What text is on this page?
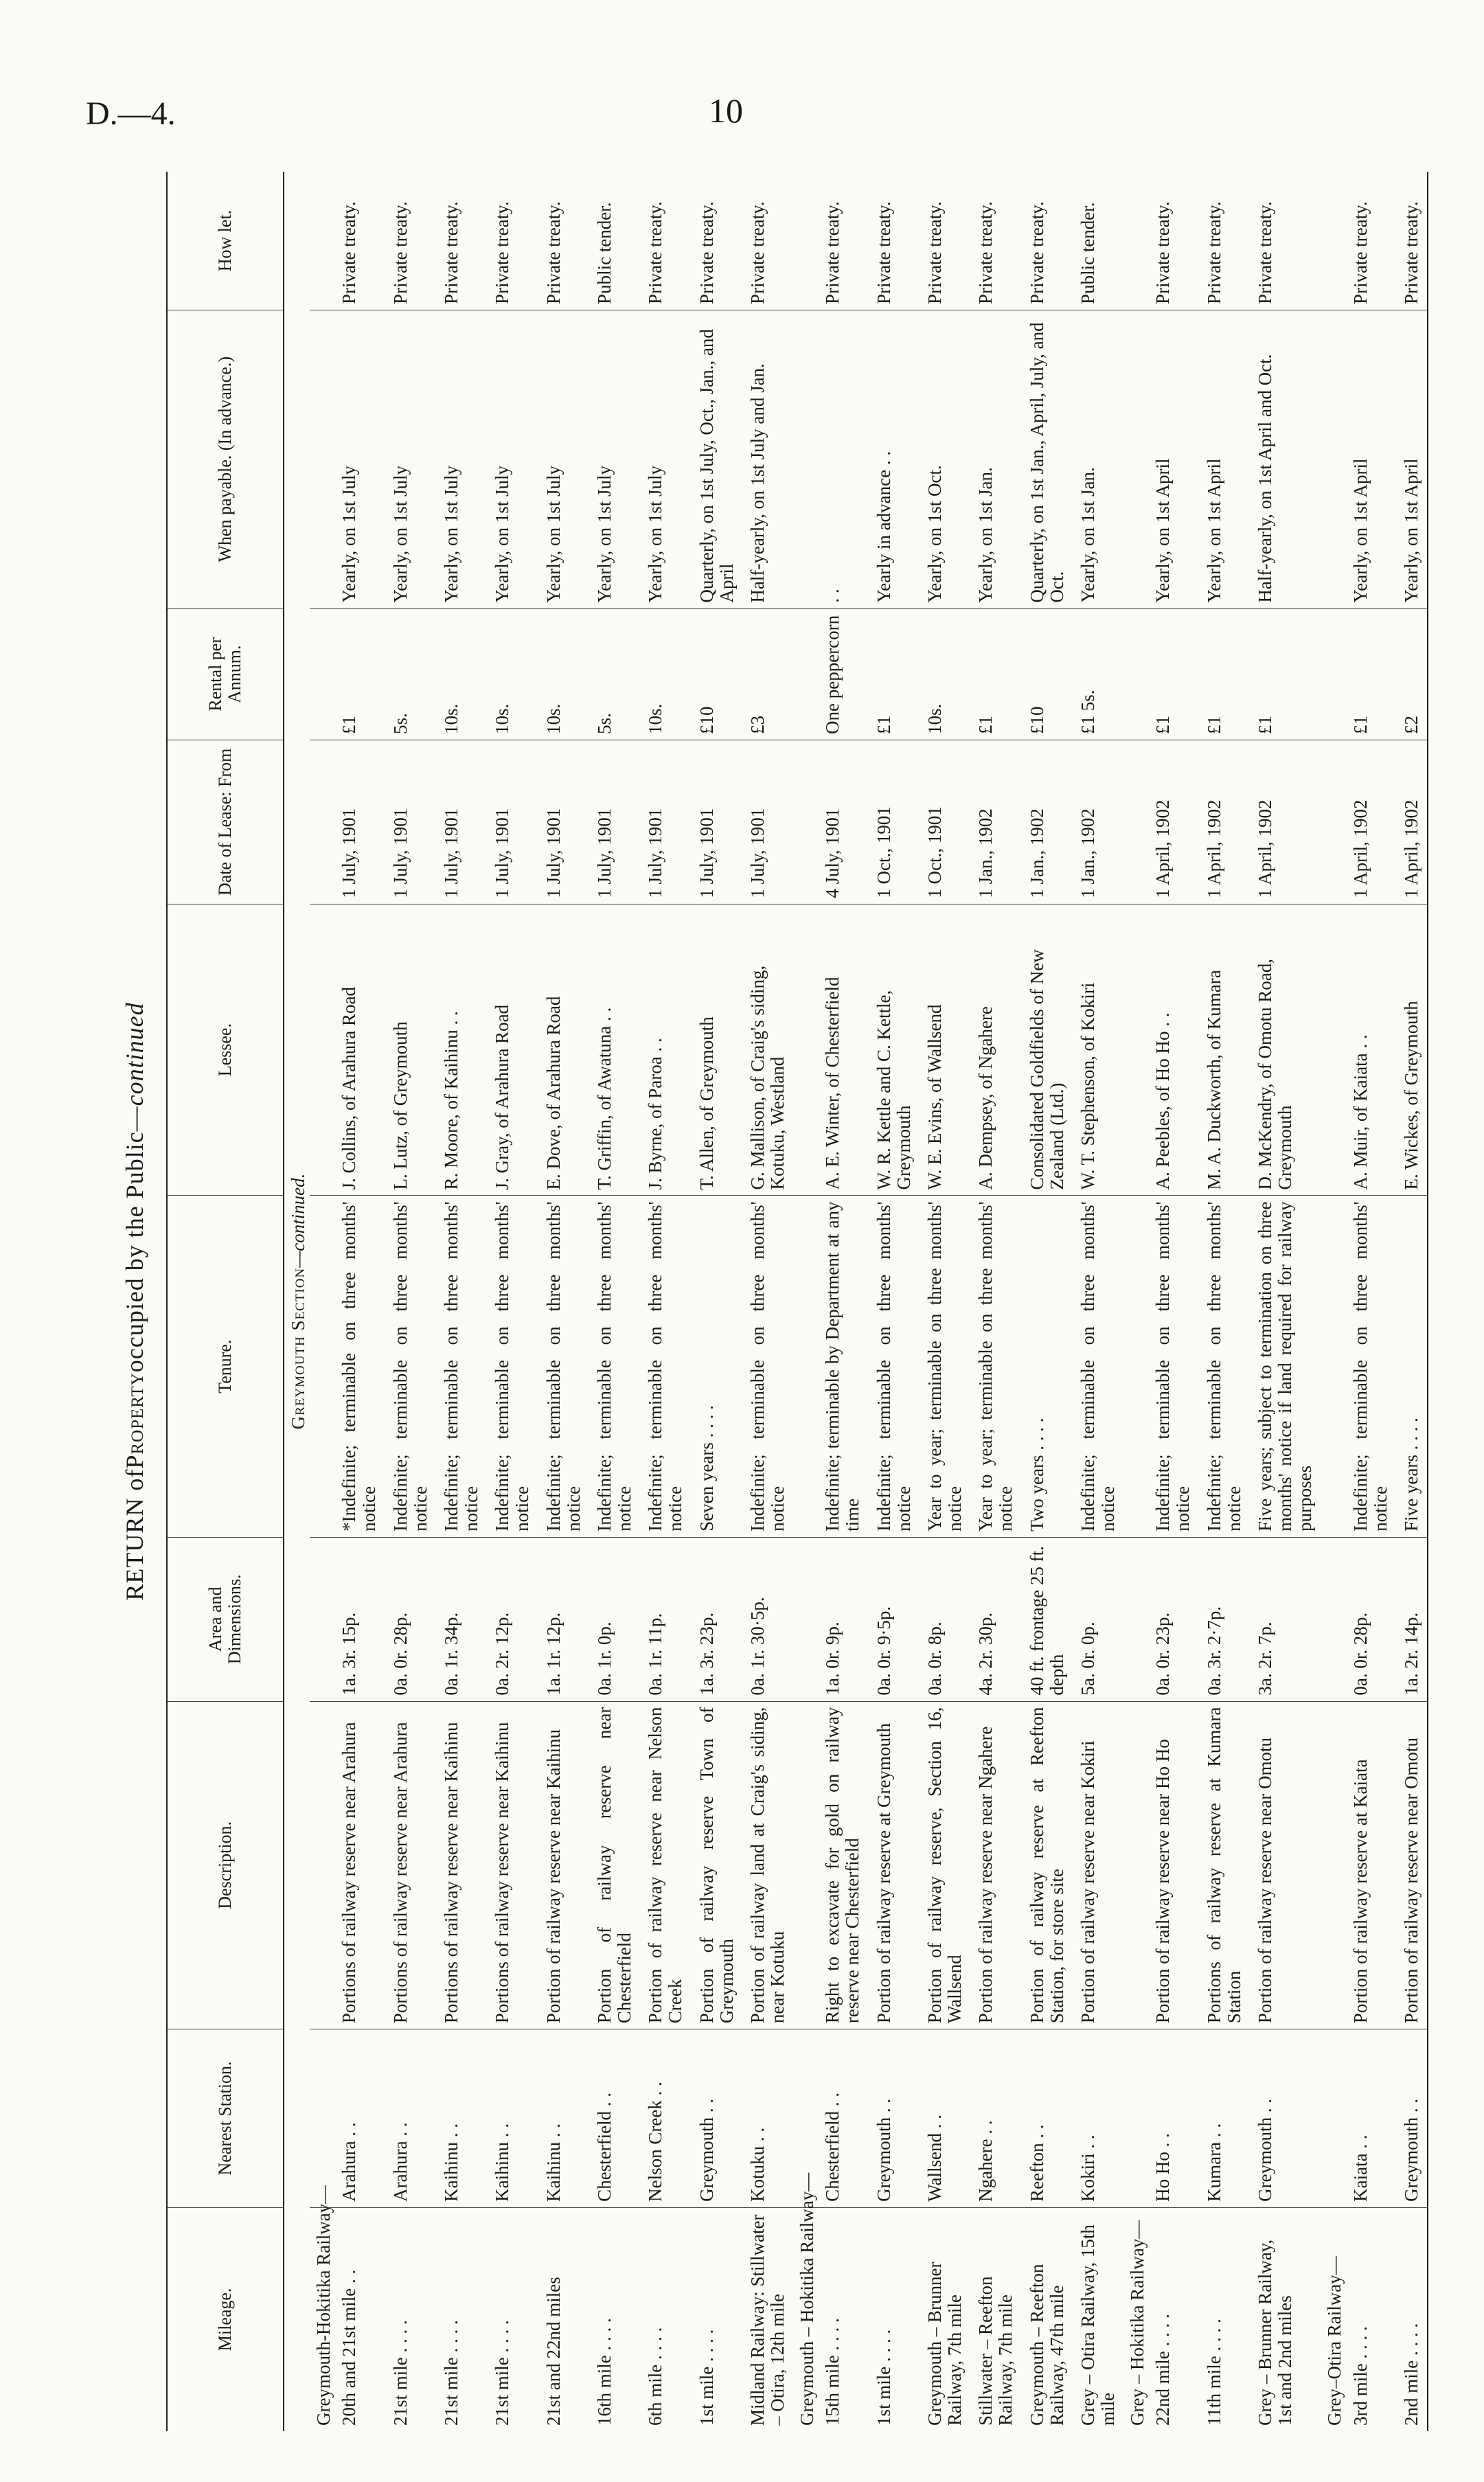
D.—4.	10
RETURN of
Property
occupied by the Public—
continued
Mileage.	Nearest Station.	Description.	Area and Dimensions.	Tenure.	Lessee.	Date of Lease: From	Rental per Annum.	When payable. (In advance.)	How let.
Greymouth Section—continued.									
Greymouth-Hokitika Railway—									
20th and 21st mile . .	Arahura . .	Portions of railway reserve near Arahura	1a. 3r. 15p.	*Indefinite; terminable on three months' notice	J. Collins, of Arahura Road	1 July, 1901	£1	Yearly, on 1st July	Private treaty.
21st mile . . . .	Arahura . .	Portions of railway reserve near Arahura	0a. 0r. 28p.	Indefinite; terminable on three months' notice	L. Lutz, of Greymouth	1 July, 1901	5s.	Yearly, on 1st July	Private treaty.
21st mile . . . .	Kaihinu . .	Portions of railway reserve near Kaihinu	0a. 1r. 34p.	Indefinite; terminable on three months' notice	R. Moore, of Kaihinu . .	1 July, 1901	10s.	Yearly, on 1st July	Private treaty.
21st mile . . . .	Kaihinu . .	Portions of railway reserve near Kaihinu	0a. 2r. 12p.	Indefinite; terminable on three months' notice	J. Gray, of Arahura Road	1 July, 1901	10s.	Yearly, on 1st July	Private treaty.
21st and 22nd miles	Kaihinu . .	Portion of railway reserve near Kaihinu	1a. 1r. 12p.	Indefinite; terminable on three months' notice	E. Dove, of Arahura Road	1 July, 1901	10s.	Yearly, on 1st July	Private treaty.
16th mile . . . .	Chesterfield . .	Portion of railway reserve near Chesterfield	0a. 1r. 0p.	Indefinite; terminable on three months' notice	T. Griffin, of Awatuna . .	1 July, 1901	5s.	Yearly, on 1st July	Public tender.
6th mile . . . .	Nelson Creek . .	Portion of railway reserve near Nelson Creek	0a. 1r. 11p.	Indefinite; terminable on three months' notice	J. Byrne, of Paroa . .	1 July, 1901	10s.	Yearly, on 1st July	Private treaty.
1st mile . . . .	Greymouth . .	Portion of railway reserve Town of Greymouth	1a. 3r. 23p.	Seven years . . . .	T. Allen, of Greymouth	1 July, 1901	£10	Quarterly, on 1st July, Oct., Jan., and April	Private treaty.
Midland Railway: Stillwater – Otira, 12th mile	Kotuku . .	Portion of railway land at Craig's siding, near Kotuku	0a. 1r. 30·5p.	Indefinite; terminable on three months' notice	G. Mallison, of Craig's siding, Kotuku, Westland	1 July, 1901	£3	Half-yearly, on 1st July and Jan.	Private treaty.
Greymouth – Hokitika Railway—									
15th mile . . . .	Chesterfield . .	Right to excavate for gold on railway reserve near Chesterfield	1a. 0r. 9p.	Indefinite; terminable by Department at any time	A. E. Winter, of Chesterfield	4 July, 1901	One peppercorn	. .	Private treaty.
1st mile . . . .	Greymouth . .	Portion of railway reserve at Greymouth	0a. 0r. 9·5p.	Indefinite; terminable on three months' notice	W. R. Kettle and C. Kettle, Greymouth	1 Oct., 1901	£1	Yearly in advance . .	Private treaty.
Greymouth – Brunner Railway, 7th mile	Wallsend . .	Portion of railway reserve, Section 16, Wallsend	0a. 0r. 8p.	Year to year; terminable on three months' notice	W. E. Evins, of Wallsend	1 Oct., 1901	10s.	Yearly, on 1st Oct.	Private treaty.
Stillwater – Reefton Railway, 7th mile	Ngahere . .	Portion of railway reserve near Ngahere	4a. 2r. 30p.	Year to year; terminable on three months' notice	A. Dempsey, of Ngahere	1 Jan., 1902	£1	Yearly, on 1st Jan.	Private treaty.
Greymouth – Reefton Railway, 47th mile	Reefton . .	Portion of railway reserve at Reefton Station, for store site	40 ft. frontage 25 ft. depth	Two years . . . .	Consolidated Goldfields of New Zealand (Ltd.)	1 Jan., 1902	£10	Quarterly, on 1st Jan., April, July, and Oct.	Private treaty.
Grey – Otira Railway, 15th mile	Kokiri . .	Portion of railway reserve near Kokiri	5a. 0r. 0p.	Indefinite; terminable on three months' notice	W. T. Stephenson, of Kokiri	1 Jan., 1902	£1 5s.	Yearly, on 1st Jan.	Public tender.
Grey – Hokitika Railway—									
22nd mile . . . .	Ho Ho . .	Portion of railway reserve near Ho Ho	0a. 0r. 23p.	Indefinite; terminable on three months' notice	A. Peebles, of Ho Ho . .	1 April, 1902	£1	Yearly, on 1st April	Private treaty.
11th mile . . . .	Kumara . .	Portions of railway reserve at Kumara Station	0a. 3r. 2·7p.	Indefinite; terminable on three months' notice	M. A. Duckworth, of Kumara	1 April, 1902	£1	Yearly, on 1st April	Private treaty.
Grey – Brunner Railway, 1st and 2nd miles	Greymouth . .	Portion of railway reserve near Omotu	3a. 2r. 7p.	Five years; subject to termination on three months' notice if land required for railway purposes	D. McKendry, of Omotu Road, Greymouth	1 April, 1902	£1	Half-yearly, on 1st April and Oct.	Private treaty.
Grey–Otira Railway—									
3rd mile . . . .	Kaiata . .	Portion of railway reserve at Kaiata	0a. 0r. 28p.	Indefinite; terminable on three months' notice	A. Muir, of Kaiata . .	1 April, 1902	£1	Yearly, on 1st April	Private treaty.
2nd mile . . . .	Greymouth . .	Portion of railway reserve near Omotu	1a. 2r. 14p.	Five years . . . .	E. Wickes, of Greymouth	1 April, 1902	£2	Yearly, on 1st April	Private treaty.
